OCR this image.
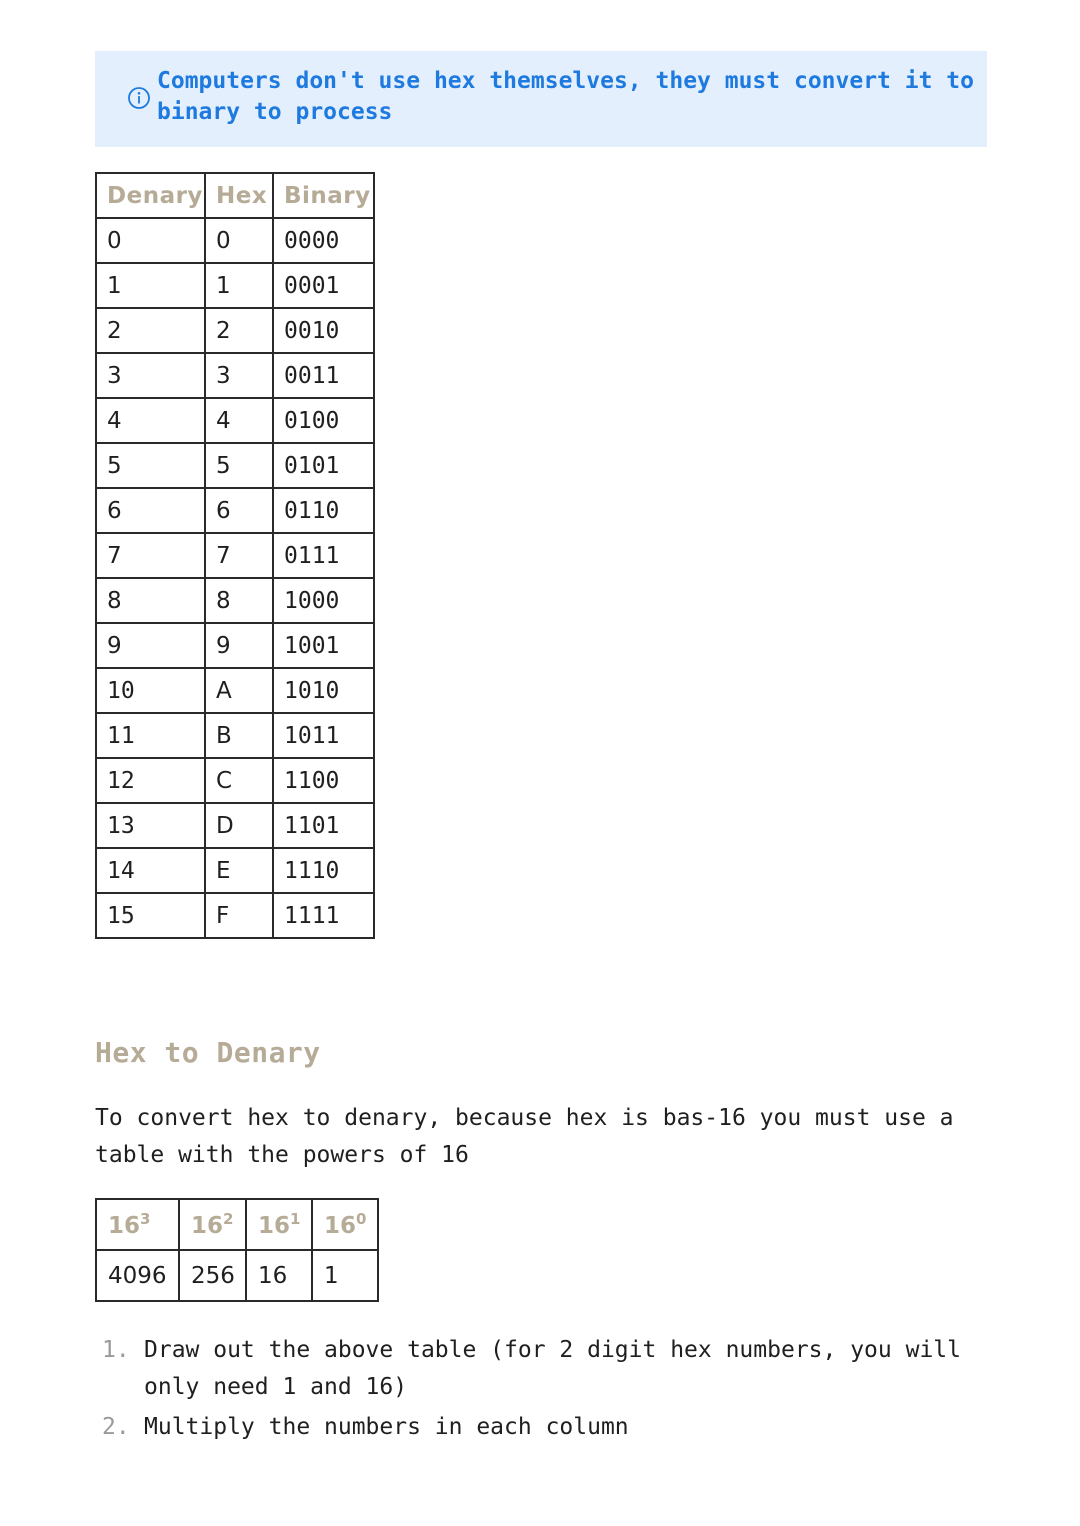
Computers don't use hex themselves, they must convert it to binary to process
Denary	Hex	Binary
0	0	0000
1	1	0001
2	2	0010
3	3	0011
4	4	0100
5	5	0101
6	6	0110
7	7	0111
8	8	1000
9	9	1001
10	A	1010
11	B	1011
12	C	1100
13	D	1101
14	E	1110
15	F	1111
Hex to Denary
To convert hex to denary, because hex is bas-16 you must use a table with the powers of 16
$16^3$	$16^2$	$16^1$	$16^0$
4096	256	16	1
1. Draw out the above table (for 2 digit hex numbers, you will only need 1 and 16)
2. Multiply the numbers in each column
